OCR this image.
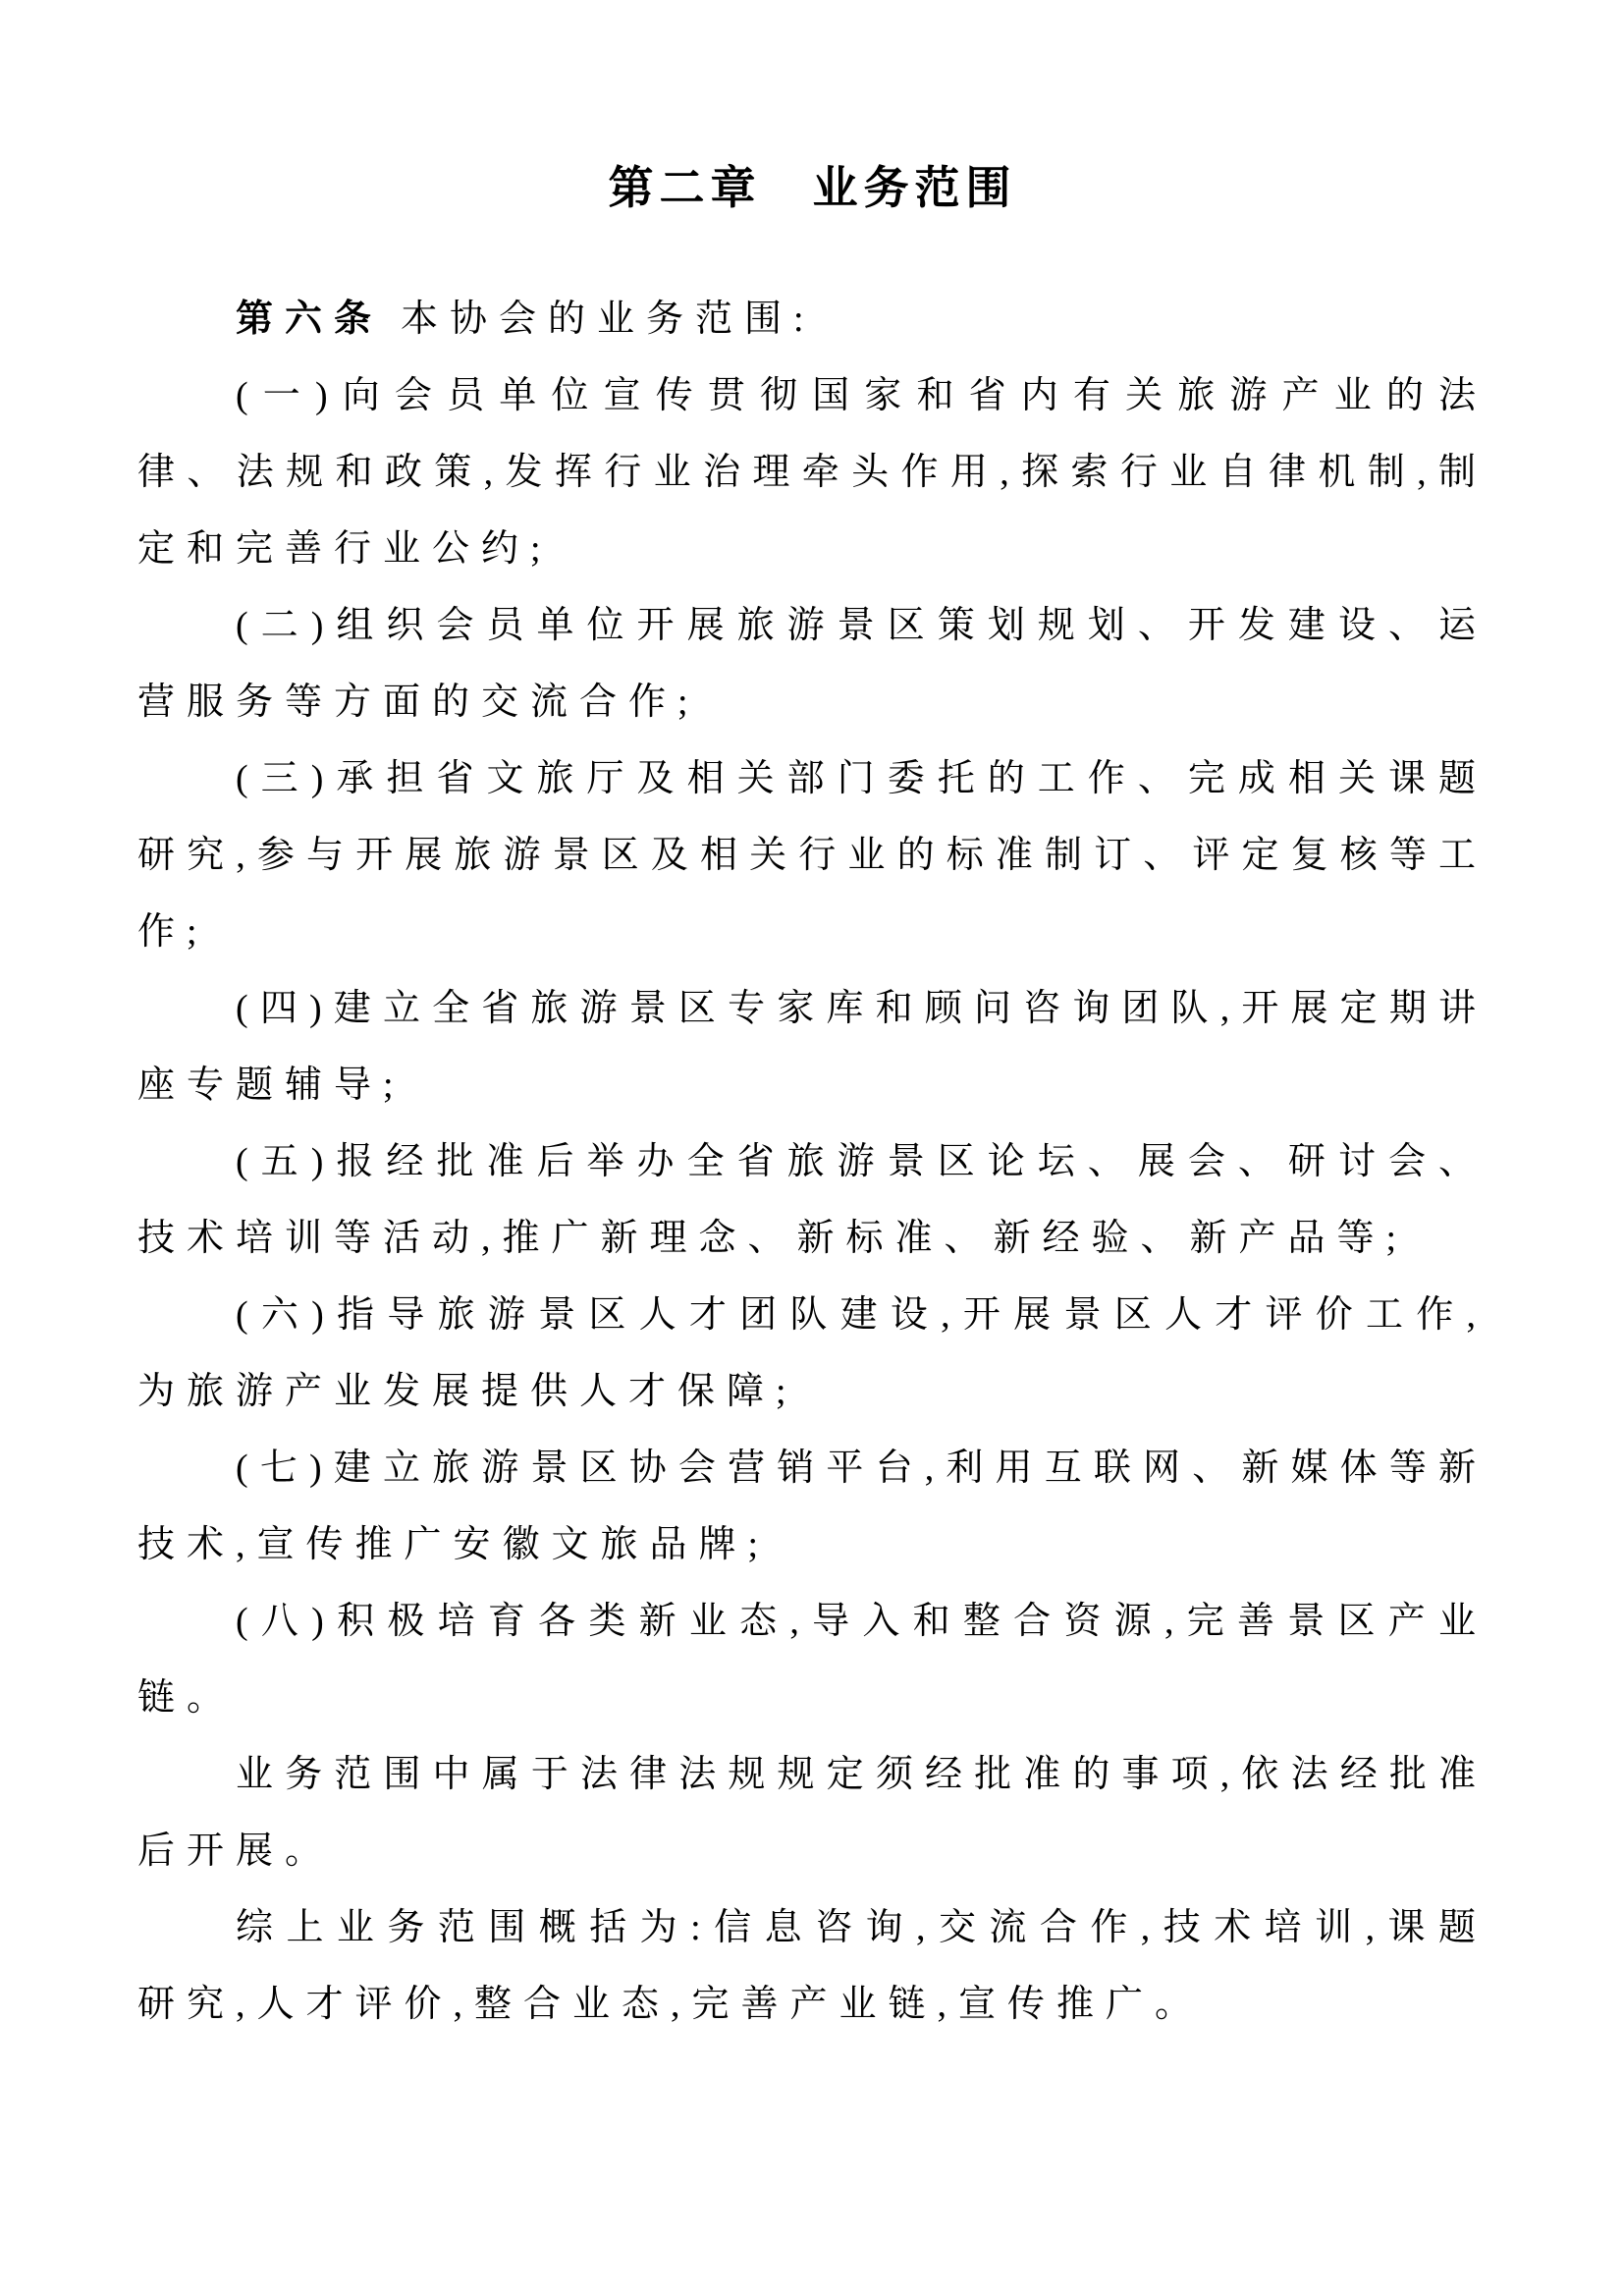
第二章　业务范围

第六条 本协会的业务范围:

(一)向会员单位宣传贯彻国家和省内有关旅游产业的法律、法规和政策,发挥行业治理牵头作用,探索行业自律机制,制定和完善行业公约;

(二)组织会员单位开展旅游景区策划规划、开发建设、运营服务等方面的交流合作;

(三)承担省文旅厅及相关部门委托的工作、完成相关课题研究,参与开展旅游景区及相关行业的标准制订、评定复核等工作;

(四)建立全省旅游景区专家库和顾问咨询团队,开展定期讲座专题辅导;

(五)报经批准后举办全省旅游景区论坛、展会、研讨会、技术培训等活动,推广新理念、新标准、新经验、新产品等;

(六)指导旅游景区人才团队建设,开展景区人才评价工作,为旅游产业发展提供人才保障;

(七)建立旅游景区协会营销平台,利用互联网、新媒体等新技术,宣传推广安徽文旅品牌;

(八)积极培育各类新业态,导入和整合资源,完善景区产业链。

业务范围中属于法律法规规定须经批准的事项,依法经批准后开展。

综上业务范围概括为:信息咨询,交流合作,技术培训,课题研究,人才评价,整合业态,完善产业链,宣传推广。
